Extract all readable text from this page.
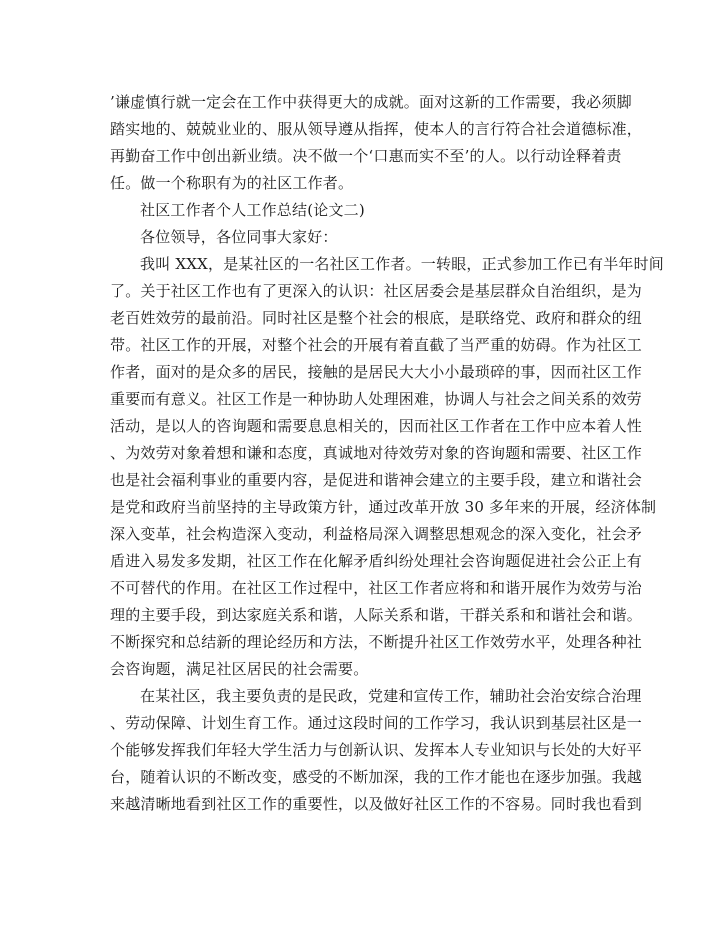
’谦虚慎行就一定会在工作中获得更大的成就。面对这新的工作需要，我必须脚
踏实地的、兢兢业业的、服从领导遵从指挥，使本人的言行符合社会道德标准，
再勤奋工作中创出新业绩。决不做一个‘口惠而实不至’的人。以行动诠释着责
任。做一个称职有为的社区工作者。
社区工作者个人工作总结(论文二)
各位领导，各位同事大家好：
我叫 XXX，是某社区的一名社区工作者。一转眼，正式参加工作已有半年时间
了。关于社区工作也有了更深入的认识：社区居委会是基层群众自治组织，是为
老百姓效劳的最前沿。同时社区是整个社会的根底，是联络党、政府和群众的纽
带。社区工作的开展，对整个社会的开展有着直截了当严重的妨碍。作为社区工
作者，面对的是众多的居民，接触的是居民大大小小最琐碎的事，因而社区工作
重要而有意义。社区工作是一种协助人处理困难，协调人与社会之间关系的效劳
活动，是以人的咨询题和需要息息相关的，因而社区工作者在工作中应本着人性
、为效劳对象着想和谦和态度，真诚地对待效劳对象的咨询题和需要、社区工作
也是社会福利事业的重要内容，是促进和谐神会建立的主要手段，建立和谐社会
是党和政府当前坚持的主导政策方针，通过改革开放 30 多年来的开展，经济体制
深入变革，社会构造深入变动，利益格局深入调整思想观念的深入变化，社会矛
盾进入易发多发期，社区工作在化解矛盾纠纷处理社会咨询题促进社会公正上有
不可替代的作用。在社区工作过程中，社区工作者应将和和谐开展作为效劳与治
理的主要手段，到达家庭关系和谐，人际关系和谐，干群关系和和谐社会和谐。
不断探究和总结新的理论经历和方法，不断提升社区工作效劳水平，处理各种社
会咨询题，满足社区居民的社会需要。
在某社区，我主要负责的是民政，党建和宣传工作，辅助社会治安综合治理
、劳动保障、计划生育工作。通过这段时间的工作学习，我认识到基层社区是一
个能够发挥我们年轻大学生活力与创新认识、发挥本人专业知识与长处的大好平
台，随着认识的不断改变，感受的不断加深，我的工作才能也在逐步加强。我越
来越清晰地看到社区工作的重要性，以及做好社区工作的不容易。同时我也看到
